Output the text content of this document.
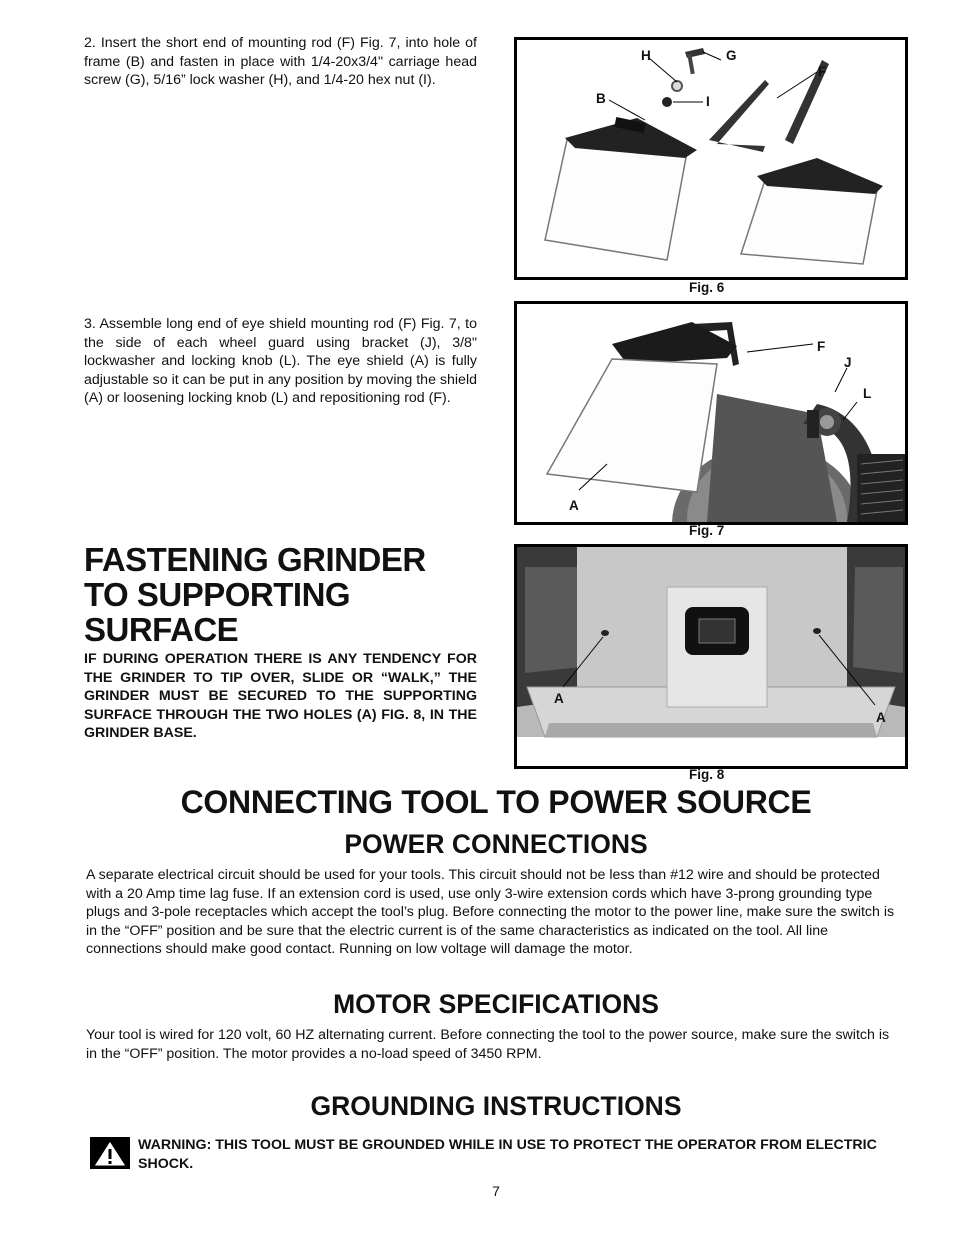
2. Insert the short end of mounting rod (F) Fig. 7, into hole of frame (B) and fasten in place with 1/4-20x3/4" carriage head screw (G), 5/16” lock washer (H), and 1/4-20 hex nut (I).
H	G
F
B	I
Fig. 6
3. Assemble long end of eye shield mounting rod (F) Fig. 7, to the side of each wheel guard using bracket (J), 3/8" lockwasher and locking knob (L). The eye shield (A) is fully adjustable so it can be put in any position by moving the shield (A) or loosening locking knob (L) and repositioning rod (F).
F
J
L
A
Fig. 7
FASTENING GRINDER
TO SUPPORTING
SURFACE
IF DURING OPERATION THERE IS ANY TENDENCY FOR THE GRINDER TO TIP OVER, SLIDE OR “WALK,” THE GRINDER MUST BE SECURED TO THE SUPPORTING SURFACE THROUGH THE TWO HOLES (A) FIG. 8, IN THE GRINDER BASE.
A
A
Fig. 8
CONNECTING TOOL TO POWER SOURCE
POWER CONNECTIONS
A separate electrical circuit should be used for your tools. This circuit should not be less than #12 wire and should be protected with a 20 Amp time lag fuse. If an extension cord is used, use only 3-wire extension cords which have 3-prong grounding type plugs and 3-pole receptacles which accept the tool’s plug. Before connecting the motor to the power line, make sure the switch is in the “OFF” position and be sure that the electric current is of the same characteristics as indicated on the tool. All line connections should make good contact. Running on low voltage will damage the motor.
MOTOR SPECIFICATIONS
Your tool is wired for 120 volt, 60 HZ alternating current. Before connecting the tool to the power source, make sure the switch is in the “OFF” position. The motor provides a no-load speed of 3450 RPM.
GROUNDING INSTRUCTIONS
WARNING: THIS TOOL MUST BE GROUNDED WHILE IN USE TO PROTECT THE OPERATOR FROM ELECTRIC SHOCK.
7
